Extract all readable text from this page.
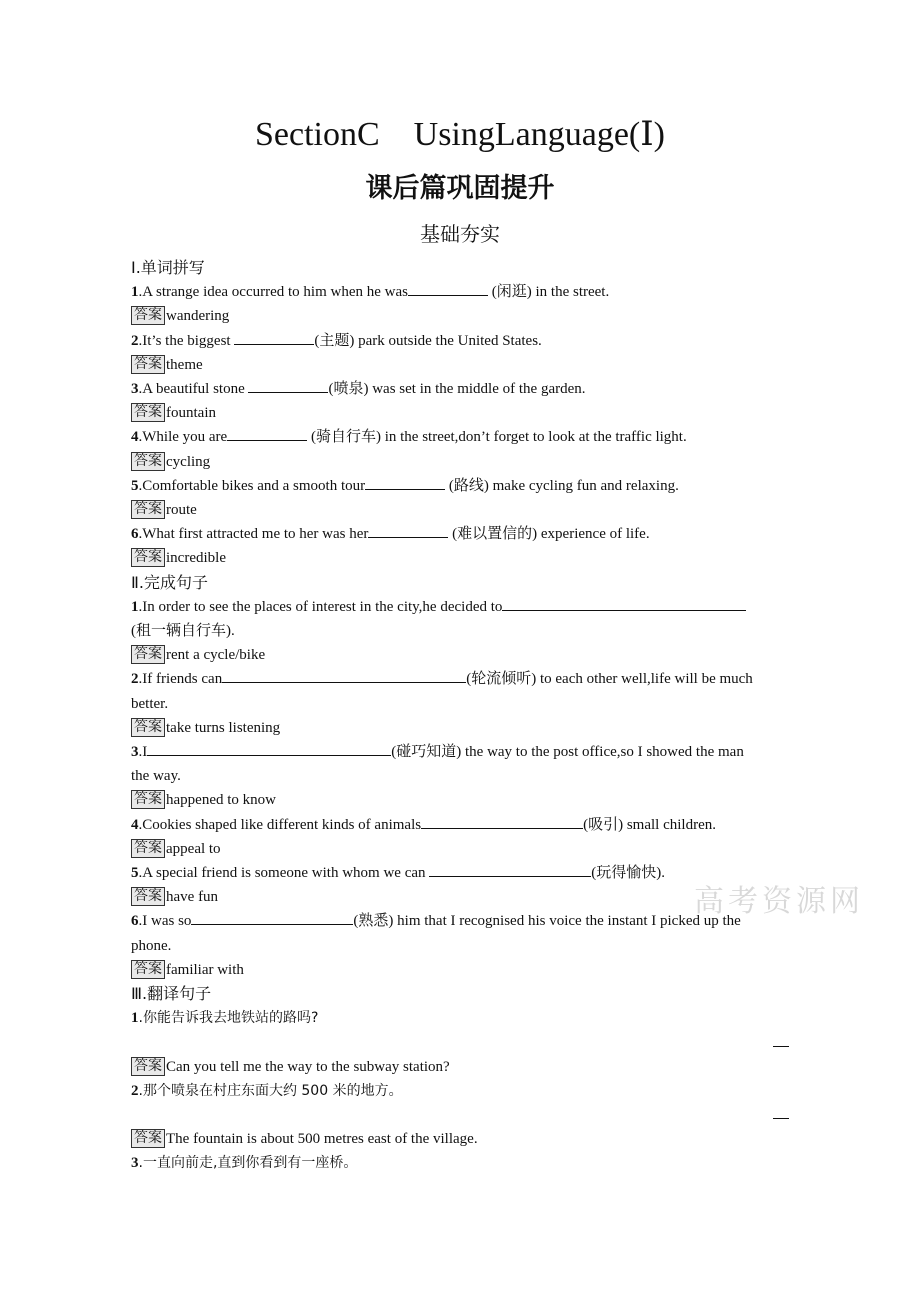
SectionC    UsingLanguage(Ⅰ)
课后篇巩固提升
基础夯实
Ⅰ.单词拼写
1.A strange idea occurred to him when he was	(闲逛) in the street.
答案 wandering
2.It’s the biggest	(主题) park outside the United States.
答案 theme
3.A beautiful stone	(喷泉) was set in the middle of the garden.
答案 fountain
4.While you are	(骑自行车) in the street,don’t forget to look at the traffic light.
答案 cycling
5.Comfortable bikes and a smooth tour	(路线) make cycling fun and relaxing.
答案 route
6.What first attracted me to her was her	(难以置信的) experience of life.
答案 incredible
Ⅱ.完成句子
1.In order to see the places of interest in the city,he decided to
(租一辆自行车).
答案 rent a cycle/bike
2.If friends can	(轮流倾听) to each other well,life will be much
better.
答案 take turns listening
3.I	(碰巧知道) the way to the post office,so I showed the man
the way.
答案 happened to know
4.Cookies shaped like different kinds of animals	(吸引) small children.
答案 appeal to
5.A special friend is someone with whom we can	(玩得愉快).
答案 have fun
6.I was so	(熟悉) him that I recognised his voice the instant I picked up the
phone.
答案 familiar with
Ⅲ.翻译句子
1.你能告诉我去地铁站的路吗?
答案 Can you tell me the way to the subway station?
2.那个喷泉在村庄东面大约 500 米的地方。
答案 The fountain is about 500 metres east of the village.
3.一直向前走,直到你看到有一座桥。
高考资源网
